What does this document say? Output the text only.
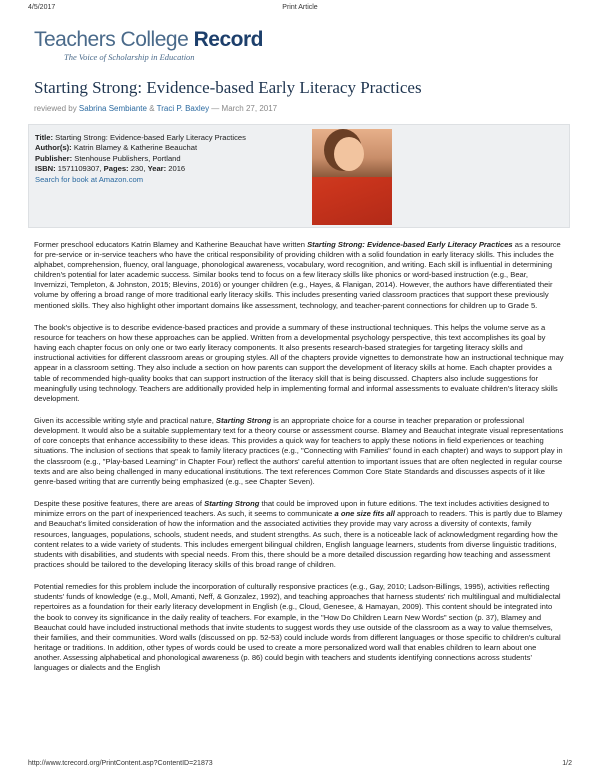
4/5/2017	Print Article
Teachers College Record
The Voice of Scholarship in Education
Starting Strong: Evidence-based Early Literacy Practices
reviewed by Sabrina Sembiante & Traci P. Baxley — March 27, 2017
Title: Starting Strong: Evidence-based Early Literacy Practices
Author(s): Katrin Blamey & Katherine Beauchat
Publisher: Stenhouse Publishers, Portland
ISBN: 1571109307, Pages: 230, Year: 2016
Search for book at Amazon.com

Former preschool educators Katrin Blamey and Katherine Beauchat have written Starting Strong: Evidence-based Early Literacy Practices as a resource for pre-service or in-service teachers who have the critical responsibility of providing children with a solid foundation in early literacy skills. This includes the alphabet, comprehension, fluency, oral language, phonological awareness, vocabulary, word recognition, and writing. Each skill is influential in determining children's potential for later academic success. Similar books tend to focus on a few literacy skills like phonics or word-based instruction (e.g., Bear, Invernizzi, Templeton, & Johnston, 2015; Blevins, 2016) or younger children (e.g., Hayes, & Flanigan, 2014). However, the authors have differentiated their volume by offering a broad range of more traditional early literacy skills. This includes presenting varied classroom practices that support these previously mentioned skills. They also highlight other important domains like assessment, technology, and teacher-parent connections for children up to Grade 5.

The book's objective is to describe evidence-based practices and provide a summary of these instructional techniques. This helps the volume serve as a resource for teachers on how these approaches can be applied. Written from a developmental psychology perspective, this text accomplishes its goal by having each chapter focus on only one or two early literacy components. It also presents research-based strategies for targeting literacy skills and instructional activities for different classroom areas or grouping styles. All of the chapters provide vignettes to demonstrate how an instructional technique may appear in a classroom setting. They also include a section on how parents can support the development of literacy skills at home. Each chapter provides a table of recommended high-quality books that can support instruction of the literacy skill that is being discussed. Chapters also include suggestions for meaningfully using technology. Teachers are additionally provided help in implementing formal and informal assessments to evaluate children's literacy skills development.

Given its accessible writing style and practical nature, Starting Strong is an appropriate choice for a course in teacher preparation or professional development. It would also be a suitable supplementary text for a theory course or assessment course. Blamey and Beauchat integrate visual representations of core concepts that enhance accessibility to these ideas. This provides a quick way for teachers to apply these notions in field experiences or teaching situations. The inclusion of sections that speak to family literacy practices (e.g., "Connecting with Families" found in each chapter) and ways to support play in the classroom (e.g., "Play-based Learning" in Chapter Four) reflect the authors' careful attention to important issues that are often neglected in regular course texts and are also being challenged in many educational institutions. The text references Common Core State Standards and discusses aspects of it like genre-based writing that are currently being emphasized (e.g., see Chapter Seven).

Despite these positive features, there are areas of Starting Strong that could be improved upon in future editions. The text includes activities designed to minimize errors on the part of inexperienced teachers. As such, it seems to communicate a one size fits all approach to readers. This is partly due to Blamey and Beauchat's limited consideration of how the information and the associated activities they provide may vary across a diversity of contexts, family resources, languages, populations, schools, student needs, and student strengths. As such, there is a noticeable lack of acknowledgment regarding how the content relates to a wide variety of students. This includes emergent bilingual children, English language learners, students from diverse linguistic traditions, students with disabilities, and students with special needs. From this, there should be a more detailed discussion regarding how teaching and assessment practices should be tailored to the developing literacy skills of this broad range of children.

Potential remedies for this problem include the incorporation of culturally responsive practices (e.g., Gay, 2010; Ladson-Billings, 1995), activities reflecting students' funds of knowledge (e.g., Moll, Amanti, Neff, & Gonzalez, 1992), and teaching approaches that harness students' rich multilingual and multidialectal repertoires as a foundation for their early literacy development in English (e.g., Cloud, Genesee, & Hamayan, 2009). This content should be integrated into the book to convey its significance in the daily reality of teachers. For example, in the "How Do Children Learn New Words" section (p. 37), Blamey and Beauchat could have included instructional methods that invite students to suggest words they use outside of the classroom as a way to value themselves, their families, and their communities. Word walls (discussed on pp. 52-53) could include words from different languages or those specific to children's cultural heritage or traditions. In addition, other types of words could be used to create a more personalized word wall that enables children to learn about one another. Assessing alphabetical and phonological awareness (p. 86) could begin with teachers and students identifying connections across students' languages or dialects and the English

http://www.tcrecord.org/PrintContent.asp?ContentID=21873	1/2
